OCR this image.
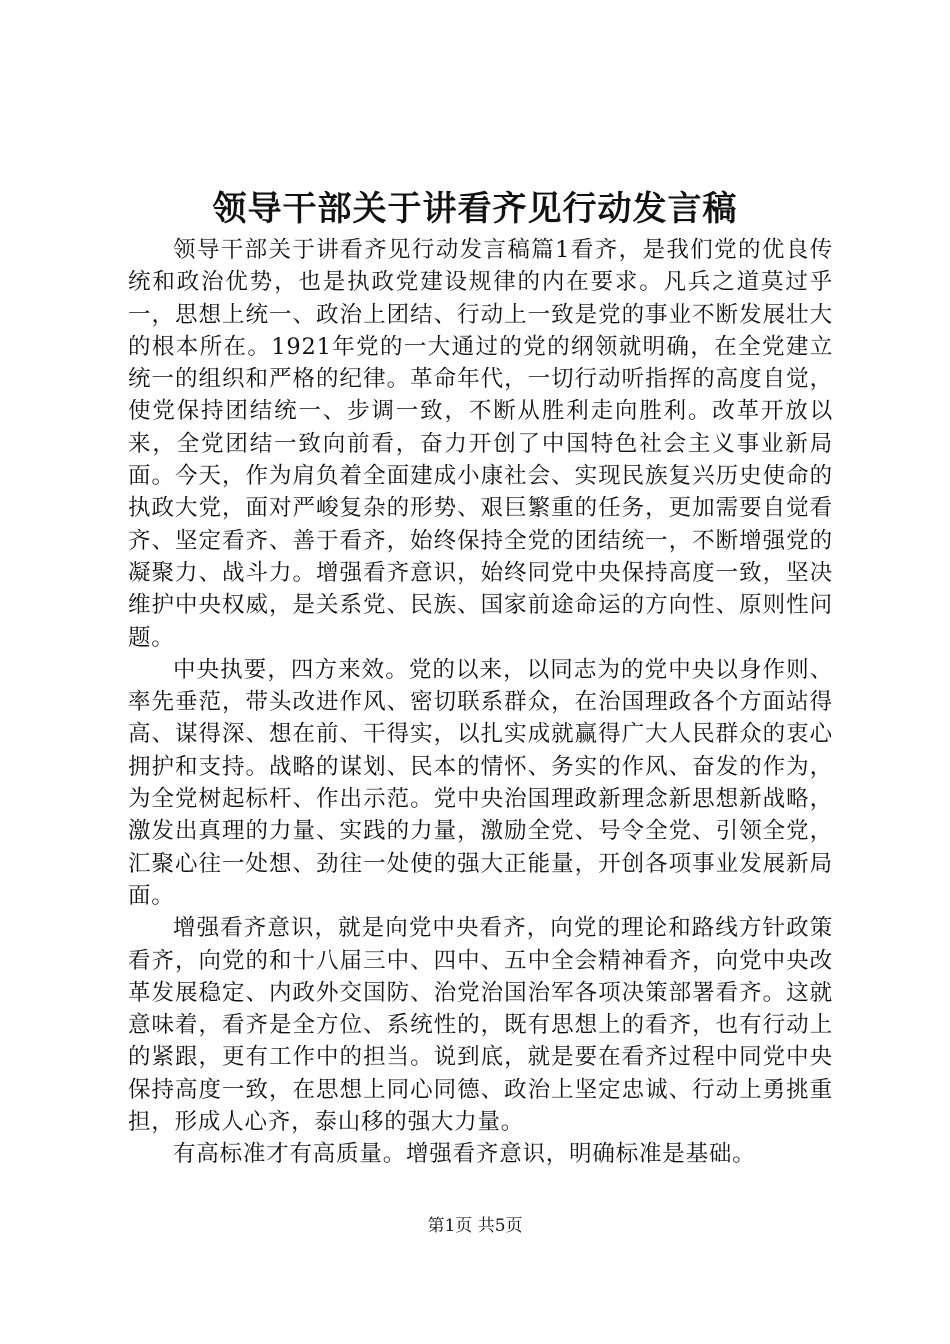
领导干部关于讲看齐见行动发言稿

领导干部关于讲看齐见行动发言稿篇1看齐，是我们党的优良传统和政治优势，也是执政党建设规律的内在要求。凡兵之道莫过乎一，思想上统一、政治上团结、行动上一致是党的事业不断发展壮大的根本所在。1921年党的一大通过的党的纲领就明确，在全党建立统一的组织和严格的纪律。革命年代，一切行动听指挥的高度自觉，使党保持团结统一、步调一致，不断从胜利走向胜利。改革开放以来，全党团结一致向前看，奋力开创了中国特色社会主义事业新局面。今天，作为肩负着全面建成小康社会、实现民族复兴历史使命的执政大党，面对严峻复杂的形势、艰巨繁重的任务，更加需要自觉看齐、坚定看齐、善于看齐，始终保持全党的团结统一，不断增强党的凝聚力、战斗力。增强看齐意识，始终同党中央保持高度一致，坚决维护中央权威，是关系党、民族、国家前途命运的方向性、原则性问题。

中央执要，四方来效。党的以来，以同志为的党中央以身作则、率先垂范，带头改进作风、密切联系群众，在治国理政各个方面站得高、谋得深、想在前、干得实，以扎实成就赢得广大人民群众的衷心拥护和支持。战略的谋划、民本的情怀、务实的作风、奋发的作为，为全党树起标杆、作出示范。党中央治国理政新理念新思想新战略，激发出真理的力量、实践的力量，激励全党、号令全党、引领全党，汇聚心往一处想、劲往一处使的强大正能量，开创各项事业发展新局面。

增强看齐意识，就是向党中央看齐，向党的理论和路线方针政策看齐，向党的和十八届三中、四中、五中全会精神看齐，向党中央改革发展稳定、内政外交国防、治党治国治军各项决策部署看齐。这就意味着，看齐是全方位、系统性的，既有思想上的看齐，也有行动上的紧跟，更有工作中的担当。说到底，就是要在看齐过程中同党中央保持高度一致，在思想上同心同德、政治上坚定忠诚、行动上勇挑重担，形成人心齐，泰山移的强大力量。

有高标准才有高质量。增强看齐意识，明确标准是基础。

第1页 共5页
